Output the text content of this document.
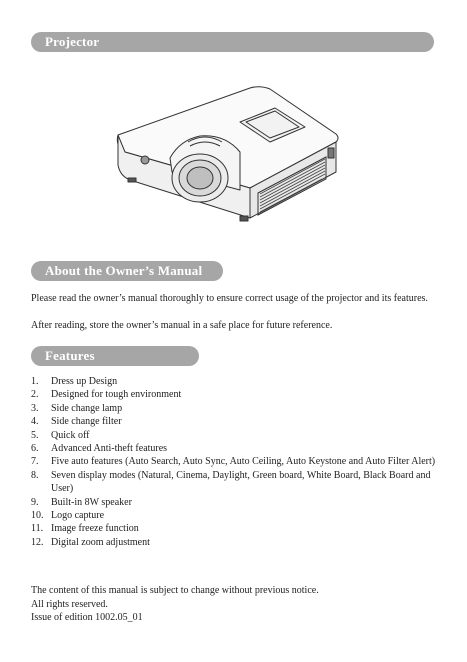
Projector
About the Owner’s Manual

Please read the owner’s manual thoroughly to ensure correct usage of the projector and its features.

After reading, store the owner’s manual in a safe place for future reference.

Features
1.	Dress up Design
2.	Designed for tough environment
3.	Side change lamp
4.	Side change filter
5.	Quick off
6.	Advanced Anti-theft features
7.	Five auto features (Auto Search, Auto Sync, Auto Ceiling, Auto Keystone and Auto Filter Alert)
8.	Seven display modes (Natural, Cinema, Daylight, Green board, White Board, Black Board and User)
9.	Built-in 8W speaker
10. Logo capture
11. Image freeze function
12. Digital zoom adjustment
The content of this manual is subject to change without previous notice.
All rights reserved.
Issue of edition 1002.05_01
